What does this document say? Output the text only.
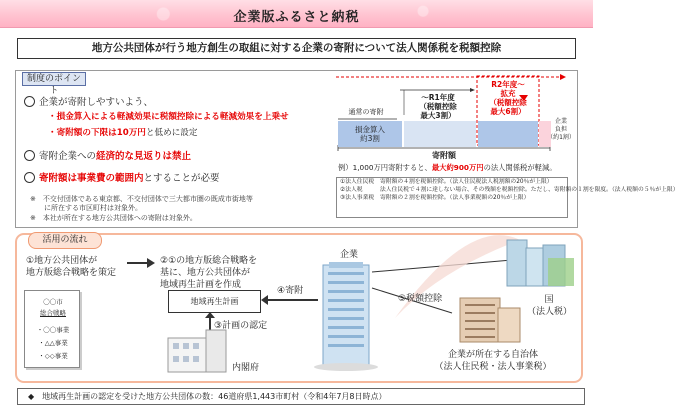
企業版ふるさと納税
地方公共団体が行う地方創生の取組に対する企業の寄附について法人関係税を税額控除
制度のポイント
企業が寄附しやすいよう、
・損金算入による軽減効果に税額控除による軽減効果を上乗せ
・寄附額の下限は10万円と低めに設定
寄附企業への経済的な見返りは禁止
寄附額は事業費の範囲内とすることが必要
※　不交付団体である東京都、不交付団体で三大都市圏の既成市街地等
　　に所在する市区町村は対象外。
※　本社が所在する地方公共団体への寄附は対象外。
通常の寄附
～R1年度
（税額控除
最大3割）
R2年度～
拡充
（税額控除
最大6割）
損金算入
約3割
企業
負担
（約1割）
寄附額
例）1,000万円寄附すると、最大約900万円の法人関係税が軽減。
①法人住民税　寄附額の４割を税額控除。（法人住民税法人税割額の20％が上限）
②法人税　　　法人住民税で４割に達しない場合、その残額を税額控除。ただし、寄附額の１割を限度。（法人税額の５％が上限）
③法人事業税　寄附額の２割を税額控除。（法人事業税額の20％が上限）
活用の流れ
①地方公共団体が
地方版総合戦略を策定
〇〇市
総合戦略
・〇〇事業
・△△事業
・◇◇事業
②①の地方版総合戦略を
基に、地方公共団体が
地域再生計画を作成
地域再生計画
③計画の認定
内閣府
④寄附
企業
⑤税額控除	国
（法人税）
企業が所在する自治体
（法人住民税・法人事業税）
◆　地域再生計画の認定を受けた地方公共団体の数：46道府県1,443市町村（令和4年7月8日時点）
